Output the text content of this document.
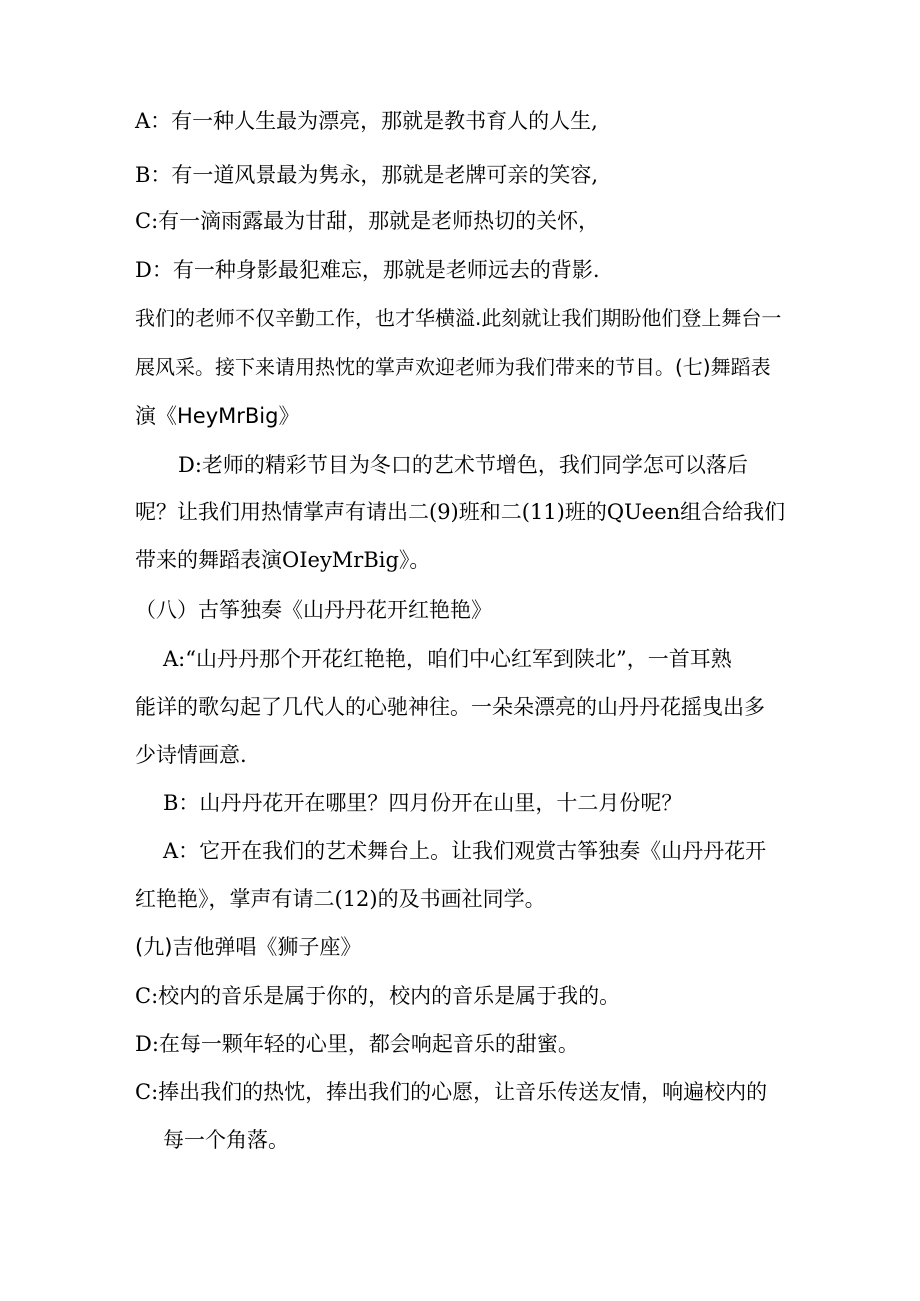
A：有一种人生最为漂亮，那就是教书育人的人生,
B：有一道风景最为隽永，那就是老牌可亲的笑容,
C:有一滴雨露最为甘甜，那就是老师热切的关怀，
D：有一种身影最犯难忘，那就是老师远去的背影.
我们的老师不仅辛勤工作，也才华横溢.此刻就让我们期盼他们登上舞台一
展风采。接下来请用热忱的掌声欢迎老师为我们带来的节目。(七)舞蹈表
演《HeyMrBig》
D:老师的精彩节目为冬口的艺术节增色，我们同学怎可以落后
呢？让我们用热情掌声有请出二(9)班和二(11)班的QUeen组合给我们
带来的舞蹈表演OIeyMrBig》。
（八）古筝独奏《山丹丹花开红艳艳》
A:“山丹丹那个开花红艳艳，咱们中心红军到陕北”，一首耳熟
能详的歌勾起了几代人的心驰神往。一朵朵漂亮的山丹丹花摇曳出多
少诗情画意.
B：山丹丹花开在哪里？四月份开在山里，十二月份呢？
A：它开在我们的艺术舞台上。让我们观赏古筝独奏《山丹丹花开
红艳艳》，掌声有请二(12)的及书画社同学。
(九)吉他弹唱《狮子座》
C:校内的音乐是属于你的，校内的音乐是属于我的。
D:在每一颗年轻的心里，都会响起音乐的甜蜜。
C:捧出我们的热忱，捧出我们的心愿，让音乐传送友情，响遍校内的
每一个角落。
